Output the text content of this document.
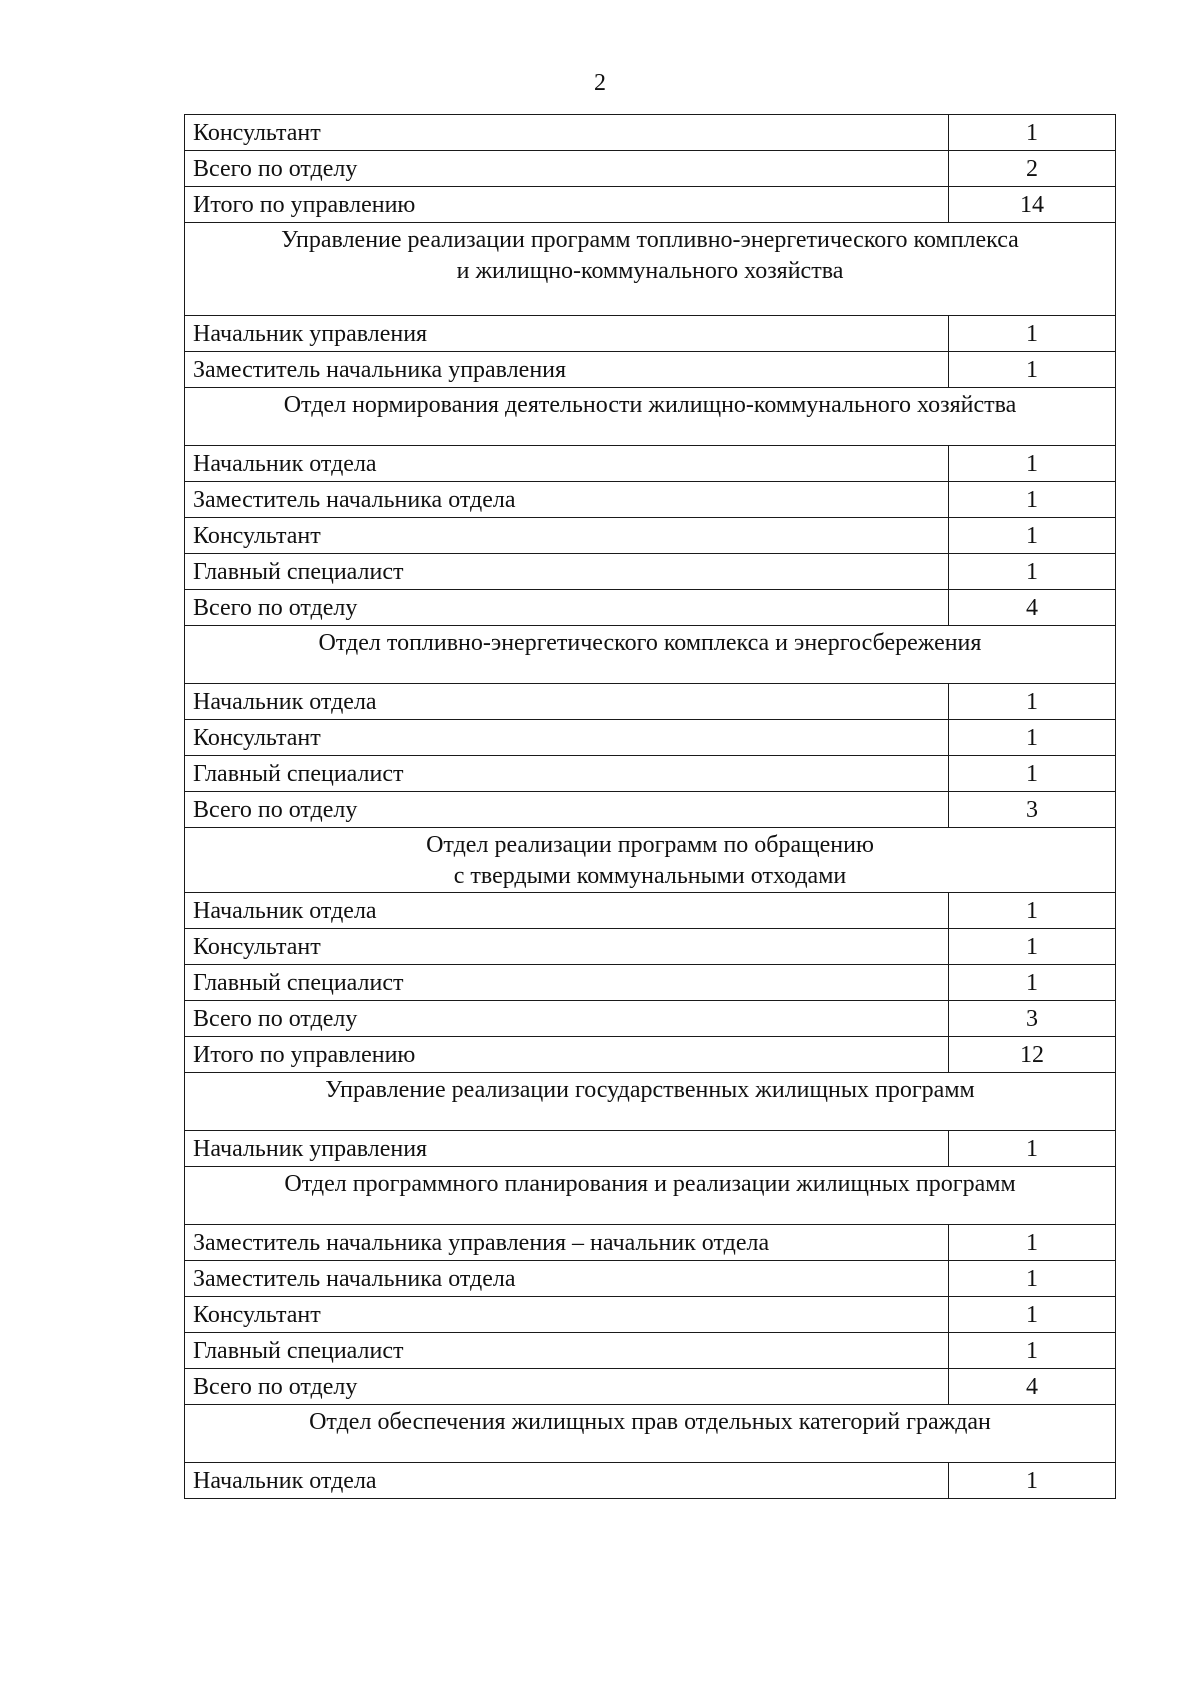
2
Консультант	1
Всего по отделу	2
Итого по управлению	14

Управление реализации программ топливно-энергетического комплекса
и жилищно-коммунального хозяйства	

Начальник управления	1
Заместитель начальника управления	1

Отдел нормирования деятельности жилищно-коммунального хозяйства	

Начальник отдела	1
Заместитель начальника отдела	1
Консультант	1
Главный специалист	1
Всего по отделу	4

Отдел топливно-энергетического комплекса и энергосбережения	

Начальник отдела	1
Консультант	1
Главный специалист	1
Всего по отделу	3

Отдел реализации программ по обращению
с твердыми коммунальными отходами	

Начальник отдела	1
Консультант	1
Главный специалист	1
Всего по отделу	3
Итого по управлению	12

Управление реализации государственных жилищных программ	

Начальник управления	1

Отдел программного планирования и реализации жилищных программ	

Заместитель начальника управления – начальник отдела	1
Заместитель начальника отдела	1
Консультант	1
Главный специалист	1
Всего по отделу	4

Отдел обеспечения жилищных прав отдельных категорий граждан	

Начальник отдела	1
